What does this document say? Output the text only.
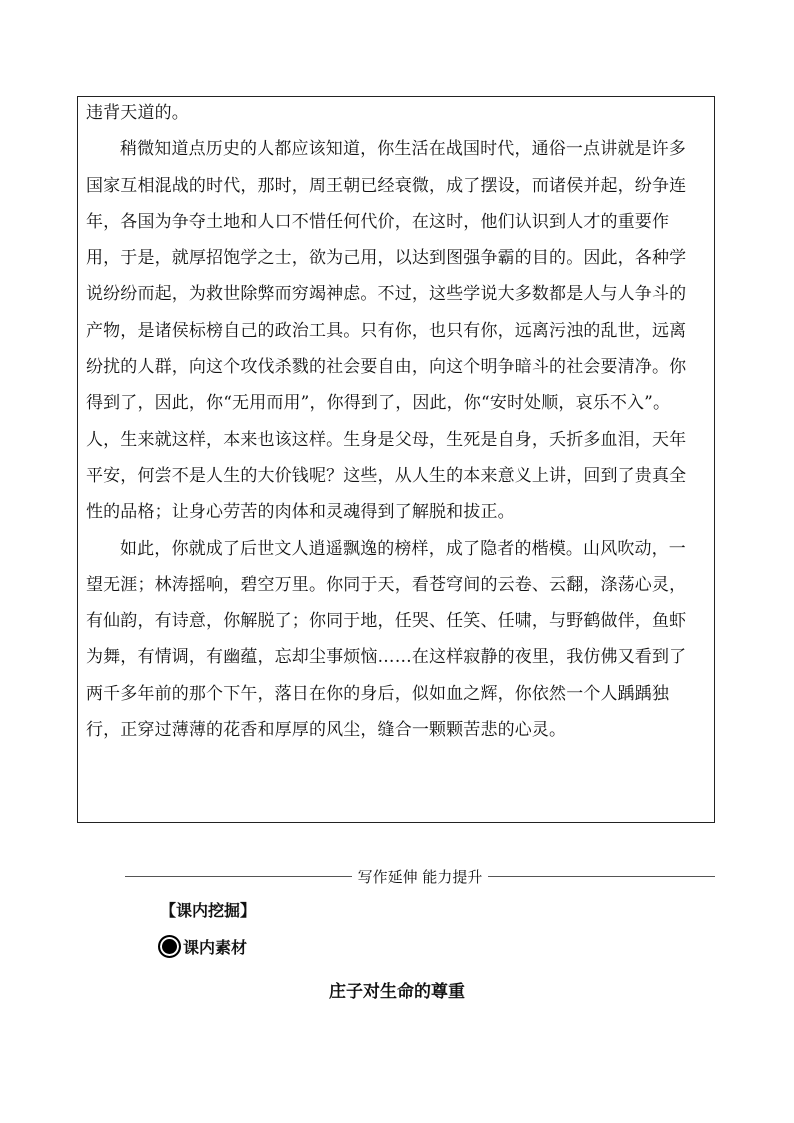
违背天道的。

稍微知道点历史的人都应该知道，你生活在战国时代，通俗一点讲就是许多国家互相混战的时代，那时，周王朝已经衰微，成了摆设，而诸侯并起，纷争连年，各国为争夺土地和人口不惜任何代价，在这时，他们认识到人才的重要作用，于是，就厚招饱学之士，欲为己用，以达到图强争霸的目的。因此，各种学说纷纷而起，为救世除弊而穷竭神虑。不过，这些学说大多数都是人与人争斗的产物，是诸侯标榜自己的政治工具。只有你，也只有你，远离污浊的乱世，远离纷扰的人群，向这个攻伐杀戮的社会要自由，向这个明争暗斗的社会要清净。你得到了，因此，你“无用而用”，你得到了，因此，你“安时处顺，哀乐不入”。人，生来就这样，本来也该这样。生身是父母，生死是自身，夭折多血泪，天年平安，何尝不是人生的大价钱呢？这些，从人生的本来意义上讲，回到了贵真全性的品格；让身心劳苦的肉体和灵魂得到了解脱和拔正。

如此，你就成了后世文人逍遥飘逸的榜样，成了隐者的楷模。山风吹动，一望无涯；林涛摇响，碧空万里。你同于天，看苍穹间的云卷、云翻，涤荡心灵，有仙韵，有诗意，你解脱了；你同于地，任哭、任笑、任啸，与野鹤做伴，鱼虾为舞，有情调，有幽蕴，忘却尘事烦恼……在这样寂静的夜里，我仿佛又看到了两千多年前的那个下午，落日在你的身后，似如血之辉，你依然一个人踽踽独行，正穿过薄薄的花香和厚厚的风尘，缝合一颗颗苦悲的心灵。

写作延伸 能力提升
【课内挖掘】
课内素材
庄子对生命的尊重
